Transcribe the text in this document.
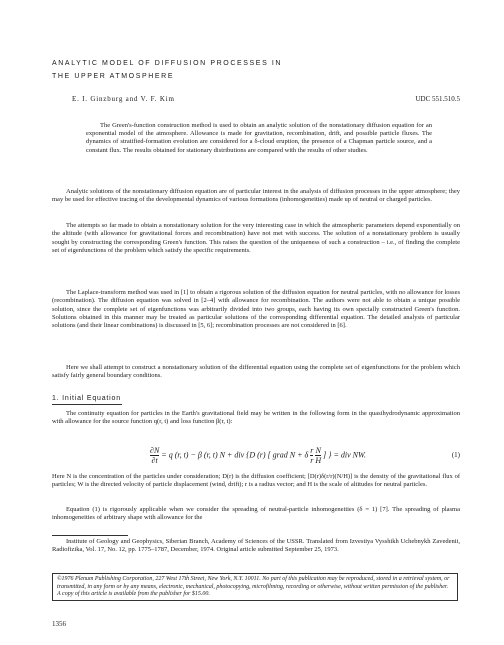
ANALYTIC MODEL OF DIFFUSION PROCESSES IN
THE UPPER ATMOSPHERE
E. I. Ginzburg and V. F. Kim	UDC 551.510.5

The Green's-function construction method is used to obtain an analytic solution of the nonstationary diffusion equation for an exponential model of the atmosphere. Allowance is made for gravitation, recombination, drift, and possible particle fluxes. The dynamics of stratified-formation evolution are considered for a δ-cloud eruption, the presence of a Chapman particle source, and a constant flux. The results obtained for stationary distributions are compared with the results of other studies.

Analytic solutions of the nonstationary diffusion equation are of particular interest in the analysis of diffusion processes in the upper atmosphere; they may be used for effective tracing of the developmental dynamics of various formations (inhomogeneities) made up of neutral or charged particles.

The attempts so far made to obtain a nonstationary solution for the very interesting case in which the atmospheric parameters depend exponentially on the altitude (with allowance for gravitational forces and recombination) have not met with success. The solution of a nonstationary problem is usually sought by constructing the corresponding Green's function. This raises the question of the uniqueness of such a construction – i.e., of finding the complete set of eigenfunctions of the problem which satisfy the specific requirements.

The Laplace-transform method was used in [1] to obtain a rigorous solution of the diffusion equation for neutral particles, with no allowance for losses (recombination). The diffusion equation was solved in [2–4] with allowance for recombination. The authors were not able to obtain a unique possible solution, since the complete set of eigenfunctions was arbitrarily divided into two groups, each having its own specially constructed Green's function. Solutions obtained in this manner may be treated as particular solutions of the corresponding differential equation. The detailed analysis of particular solutions (and their linear combinations) is discussed in [5, 6]; recombination processes are not considered in [6].

Here we shall attempt to construct a nonstationary solution of the differential equation using the complete set of eigenfunctions for the problem which satisfy fairly general boundary conditions.

1. Initial Equation

The continuity equation for particles in the Earth's gravitational field may be written in the following form in the quasihydrodynamic approximation with allowance for the source function q(r, t) and loss function β(r, t):

$\frac{\partial N}{\partial t} = q$ (r, t) − β (r, t) N + div {D (r) [ grad N + δ $\frac{r}{r}$
$\frac{N}{H}$ ] } = div NW.	(1)

Here N is the concentration of the particles under consideration; D(r) is the diffusion coefficient; [D(r)δ(r/r)(N/H)] is the density of the gravitational flux of particles; W is the directed velocity of particle displacement (wind, drift); r is a radius vector; and H is the scale of altitudes for neutral particles.

Equation (1) is rigorously applicable when we consider the spreading of neutral-particle inhomogeneities (δ = 1) [7]. The spreading of plasma inhomogeneities of arbitrary shape with allowance for the

Institute of Geology and Geophysics, Siberian Branch, Academy of Sciences of the USSR. Translated from Izvestiya Vysshikh Uchebnykh Zavedenii, Radiofizika, Vol. 17, No. 12, pp. 1775–1787, December, 1974. Original article submitted September 25, 1973.

©1976 Plenum Publishing Corporation, 227 West 17th Street, New York, N.Y. 10011. No part of this publication may be reproduced, stored in a retrieval system, or transmitted, in any form or by any means, electronic, mechanical, photocopying, microfilming, recording or otherwise, without written permission of the publisher. A copy of this article is available from the publisher for $15.00.

1356
